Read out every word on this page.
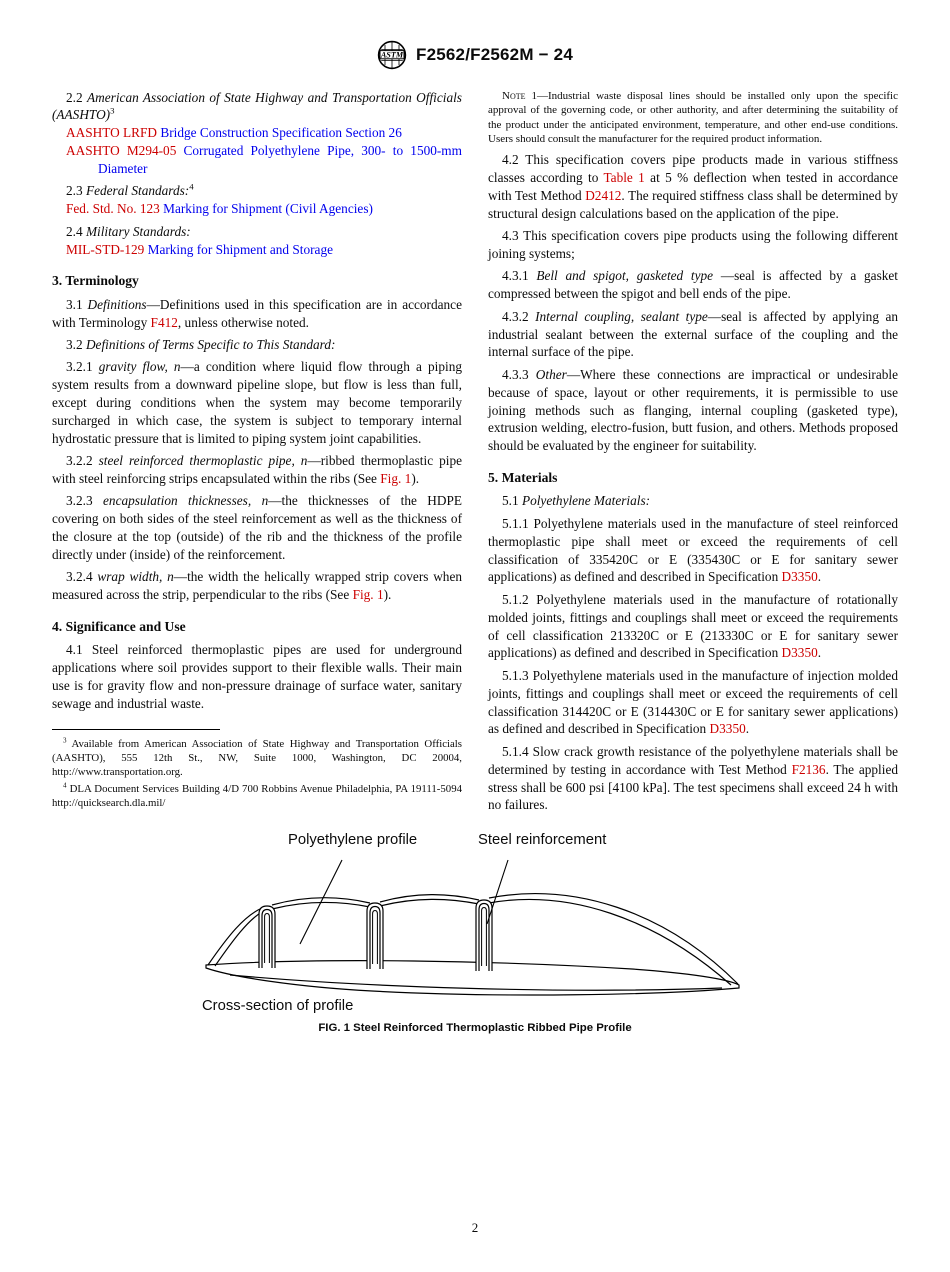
ASTM F2562/F2562M − 24

2.2 American Association of State Highway and Transportation Officials (AASHTO)$^3$

AASHTO LRFD Bridge Construction Specification Section 26

AASHTO M294-05 Corrugated Polyethylene Pipe, 300- to 1500-mm Diameter

2.3 Federal Standards:$^4$

Fed. Std. No. 123 Marking for Shipment (Civil Agencies)

2.4 Military Standards:

MIL-STD-129 Marking for Shipment and Storage

3. Terminology

3.1 Definitions—Definitions used in this specification are in accordance with Terminology F412, unless otherwise noted.

3.2 Definitions of Terms Specific to This Standard:

3.2.1 gravity flow, n—a condition where liquid flow through a piping system results from a downward pipeline slope, but flow is less than full, except during conditions when the system may become temporarily surcharged in which case, the system is subject to temporary internal hydrostatic pressure that is limited to piping system joint capabilities.

3.2.2 steel reinforced thermoplastic pipe, n—ribbed thermoplastic pipe with steel reinforcing strips encapsulated within the ribs (See Fig. 1).

3.2.3 encapsulation thicknesses, n—the thicknesses of the HDPE covering on both sides of the steel reinforcement as well as the thickness of the closure at the top (outside) of the rib and the thickness of the profile directly under (inside) of the reinforcement.

3.2.4 wrap width, n—the width the helically wrapped strip covers when measured across the strip, perpendicular to the ribs (See Fig. 1).

4. Significance and Use

4.1 Steel reinforced thermoplastic pipes are used for underground applications where soil provides support to their flexible walls. Their main use is for gravity flow and non-pressure drainage of surface water, sanitary sewage and industrial waste.

$^3$ Available from American Association of State Highway and Transportation Officials (AASHTO), 555 12th St., NW, Suite 1000, Washington, DC 20004, http://www.transportation.org.

$^4$ DLA Document Services Building 4/D 700 Robbins Avenue Philadelphia, PA 19111-5094 http://quicksearch.dla.mil/

Note 1—Industrial waste disposal lines should be installed only upon the specific approval of the governing code, or other authority, and after determining the suitability of the product under the anticipated environment, temperature, and other end-use conditions. Users should consult the manufacturer for the required product information.

4.2 This specification covers pipe products made in various stiffness classes according to Table 1 at 5 % deflection when tested in accordance with Test Method D2412. The required stiffness class shall be determined by structural design calculations based on the application of the pipe.

4.3 This specification covers pipe products using the following different joining systems;

4.3.1 Bell and spigot, gasketed type —seal is affected by a gasket compressed between the spigot and bell ends of the pipe.

4.3.2 Internal coupling, sealant type—seal is affected by applying an industrial sealant between the external surface of the coupling and the internal surface of the pipe.

4.3.3 Other—Where these connections are impractical or undesirable because of space, layout or other requirements, it is permissible to use joining methods such as flanging, internal coupling (gasketed type), extrusion welding, electro-fusion, butt fusion, and others. Methods proposed should be evaluated by the engineer for suitability.

5. Materials

5.1 Polyethylene Materials:

5.1.1 Polyethylene materials used in the manufacture of steel reinforced thermoplastic pipe shall meet or exceed the requirements of cell classification of 335420C or E (335430C or E for sanitary sewer applications) as defined and described in Specification D3350.

5.1.2 Polyethylene materials used in the manufacture of rotationally molded joints, fittings and couplings shall meet or exceed the requirements of cell classification 213320C or E (213330C or E for sanitary sewer applications) as defined and described in Specification D3350.

5.1.3 Polyethylene materials used in the manufacture of injection molded joints, fittings and couplings shall meet or exceed the requirements of cell classification 314420C or E (314430C or E for sanitary sewer applications) as defined and described in Specification D3350.

5.1.4 Slow crack growth resistance of the polyethylene materials shall be determined by testing in accordance with Test Method F2136. The applied stress shall be 600 psi [4100 kPa]. The test specimens shall exceed 24 h with no failures.

Polyethylene profile	Steel reinforcement
Cross-section of profile
FIG. 1 Steel Reinforced Thermoplastic Ribbed Pipe Profile
2
